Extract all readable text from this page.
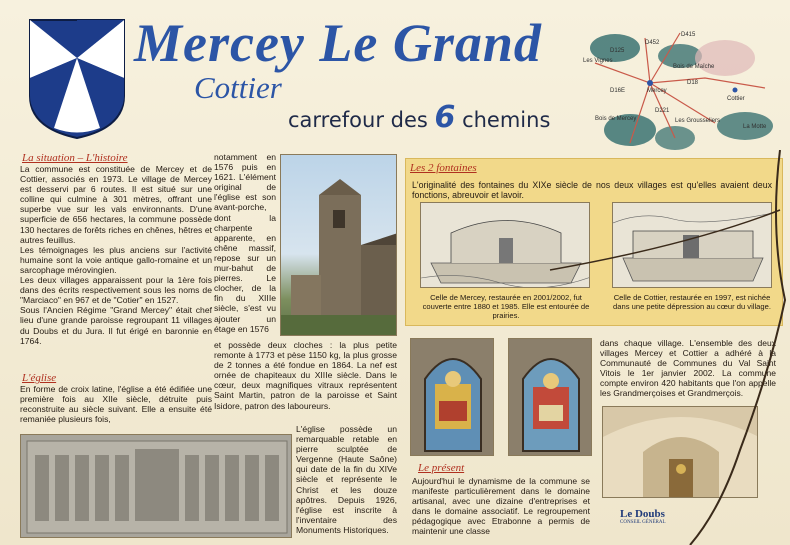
Mercey Le Grand
Cottier
carrefour des 6 chemins
D125
D452
D415
Les Vignes
Bois de Maîche
D16E	Mercey
D18
Cottier
Bois de Mercey
D221
Les Grousseliers
La Motte
La situation – L'histoire

La commune est constituée de Mercey et de Cottier, associés en 1973. Le village de Mercey est desservi par 6 routes. Il est situé sur une colline qui culmine à 301 mètres, offrant une superbe vue sur les vals environnants. D'une superficie de 656 hectares, la commune possède 130 hectares de forêts riches en chênes, hêtres et autres feuillus.

Les témoignages les plus anciens sur l'activité humaine sont la voie antique gallo-romaine et un sarcophage mérovingien.

Les deux villages apparaissent pour la 1ère fois dans des écrits respectivement sous les noms de "Marciaco" en 967 et de "Cotier" en 1527.

Sous l'Ancien Régime "Grand Mercey" était chef lieu d'une grande paroisse regroupant 11 villages du Doubs et du Jura. Il fut érigé en baronnie en 1764.

L'église
En forme de croix latine, l'église a été édifiée une première fois au XIIe siècle, détruite puis reconstruite au siècle suivant. Elle a ensuite été remaniée plusieurs fois,
notamment en 1576 puis en 1621. L'élément original de l'église est son avant-porche, dont la charpente apparente, en chêne massif, repose sur un mur-bahut de pierres. Le clocher, de la fin du XIIIe siècle, s'est vu ajouter un étage en 1576
et possède deux cloches : la plus petite remonte à 1773 et pèse 1150 kg, la plus grosse de 2 tonnes a été fondue en 1864. La nef est ornée de chapiteaux du XIIIe siècle. Dans le cœur, deux magnifiques vitraux représentent Saint Martin, patron de la paroisse et Saint Isidore, patron des laboureurs.
L'église possède un remarquable retable en pierre sculptée de Vergenne (Haute Saône) qui date de la fin du XIVe siècle et représente le Christ et les douze apôtres. Depuis 1926, l'église est inscrite à l'inventaire des Monuments Historiques.
Les 2 fontaines
L'originalité des fontaines du XIXe siècle de nos deux villages est qu'elles avaient deux fonctions, abreuvoir et lavoir.
Celle de Mercey, restaurée en 2001/2002, fut couverte entre 1880 et 1985. Elle est entourée de prairies.
Celle de Cottier, restaurée en 1997, est nichée dans une petite dépression au cœur du village.
Le présent
Aujourd'hui le dynamisme de la commune se manifeste particulièrement dans le domaine artisanal, avec une dizaine d'entreprises et dans le domaine associatif. Le regroupement pédagogique avec Etrabonne a permis de maintenir une classe
dans chaque village. L'ensemble des deux villages Mercey et Cottier a adhéré à la Communauté de Communes du Val Saint Vitois le 1er janvier 2002. La commune compte environ 420 habitants que l'on appelle les Grandmerçoises et Grandmerçois.
Le Doubs
CONSEIL GÉNÉRAL
